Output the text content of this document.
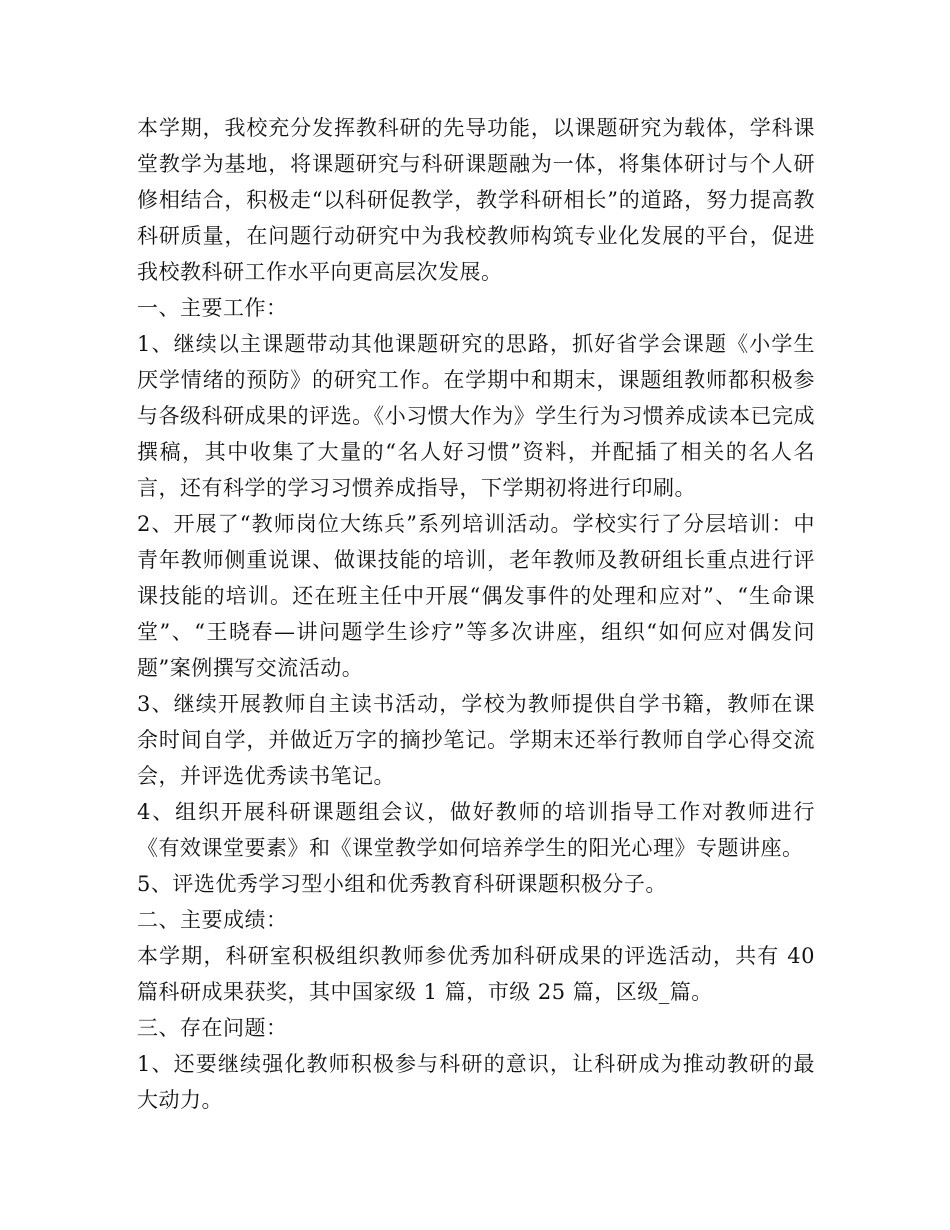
本学期，我校充分发挥教科研的先导功能，以课题研究为载体，学科课堂教学为基地，将课题研究与科研课题融为一体，将集体研讨与个人研修相结合，积极走“以科研促教学，教学科研相长”的道路，努力提高教科研质量，在问题行动研究中为我校教师构筑专业化发展的平台，促进我校教科研工作水平向更高层次发展。

一、主要工作：

1、继续以主课题带动其他课题研究的思路，抓好省学会课题《小学生厌学情绪的预防》的研究工作。在学期中和期末，课题组教师都积极参与各级科研成果的评选。《小习惯大作为》学生行为习惯养成读本已完成撰稿，其中收集了大量的“名人好习惯”资料，并配插了相关的名人名言，还有科学的学习习惯养成指导，下学期初将进行印刷。

2、开展了“教师岗位大练兵”系列培训活动。学校实行了分层培训：中青年教师侧重说课、做课技能的培训，老年教师及教研组长重点进行评课技能的培训。还在班主任中开展“偶发事件的处理和应对”、“生命课堂”、“王晓春—讲问题学生诊疗”等多次讲座，组织“如何应对偶发问题”案例撰写交流活动。

3、继续开展教师自主读书活动，学校为教师提供自学书籍，教师在课余时间自学，并做近万字的摘抄笔记。学期末还举行教师自学心得交流会，并评选优秀读书笔记。

4、组织开展科研课题组会议，做好教师的培训指导工作对教师进行《有效课堂要素》和《课堂教学如何培养学生的阳光心理》专题讲座。

5、评选优秀学习型小组和优秀教育科研课题积极分子。

二、主要成绩：

本学期，科研室积极组织教师参优秀加科研成果的评选活动，共有 40 篇科研成果获奖，其中国家级 1 篇，市级 25 篇，区级_篇。

三、存在问题：

1、还要继续强化教师积极参与科研的意识，让科研成为推动教研的最大动力。
